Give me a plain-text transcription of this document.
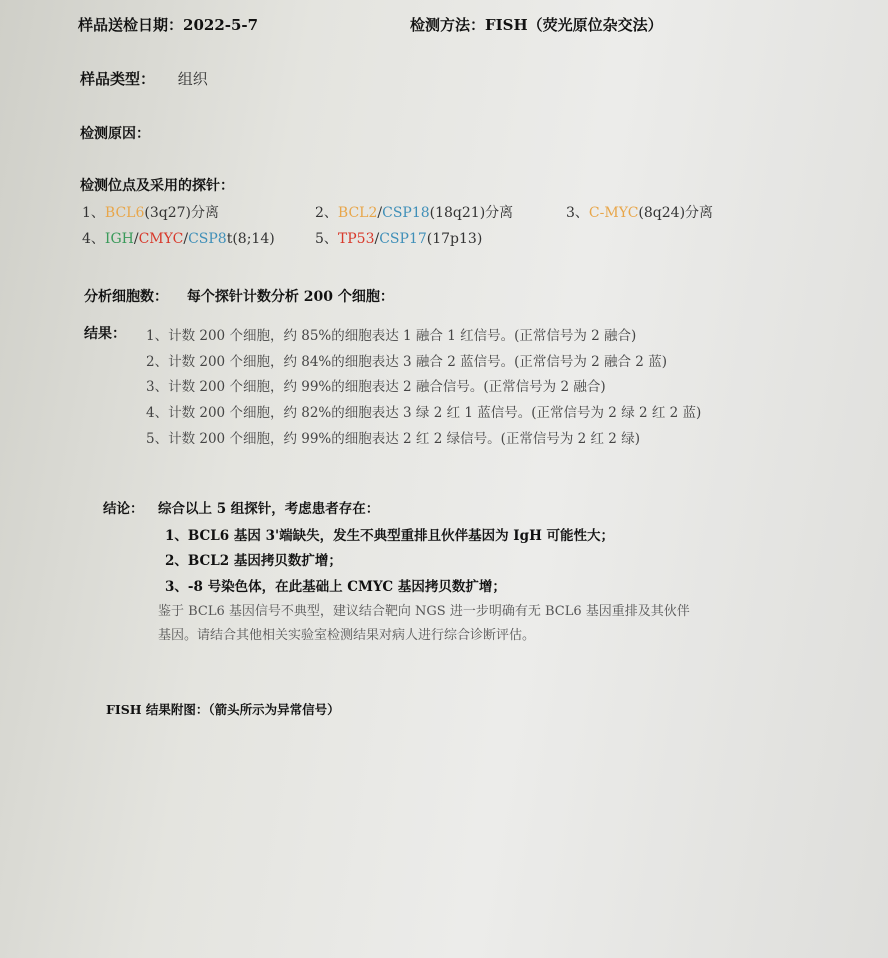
样品送检日期：2022-5-7	检测方法：FISH（荧光原位杂交法）
样品类型： 组织
检测原因：
检测位点及采用的探针：
1、BCL6(3q27)分离	2、BCL2/CSP18(18q21)分离	3、C-MYC(8q24)分离
4、IGH/CMYC/CSP8t(8;14)	5、TP53/CSP17(17p13)
分析细胞数： 每个探针计数分析 200 个细胞：
结果： 1、计数 200 个细胞，约 85%的细胞表达 1 融合 1 红信号。(正常信号为 2 融合)
2、计数 200 个细胞，约 84%的细胞表达 3 融合 2 蓝信号。(正常信号为 2 融合 2 蓝)
3、计数 200 个细胞，约 99%的细胞表达 2 融合信号。(正常信号为 2 融合)
4、计数 200 个细胞，约 82%的细胞表达 3 绿 2 红 1 蓝信号。(正常信号为 2 绿 2 红 2 蓝)
5、计数 200 个细胞，约 99%的细胞表达 2 红 2 绿信号。(正常信号为 2 红 2 绿)
结论： 综合以上 5 组探针，考虑患者存在：
1、BCL6 基因 3'端缺失，发生不典型重排且伙伴基因为 IgH 可能性大；
2、BCL2 基因拷贝数扩增；
3、-8 号染色体，在此基础上 CMYC 基因拷贝数扩增；
鉴于 BCL6 基因信号不典型，建议结合靶向 NGS 进一步明确有无 BCL6 基因重排及其伙伴
基因。请结合其他相关实验室检测结果对病人进行综合诊断评估。
FISH 结果附图：（箭头所示为异常信号）
